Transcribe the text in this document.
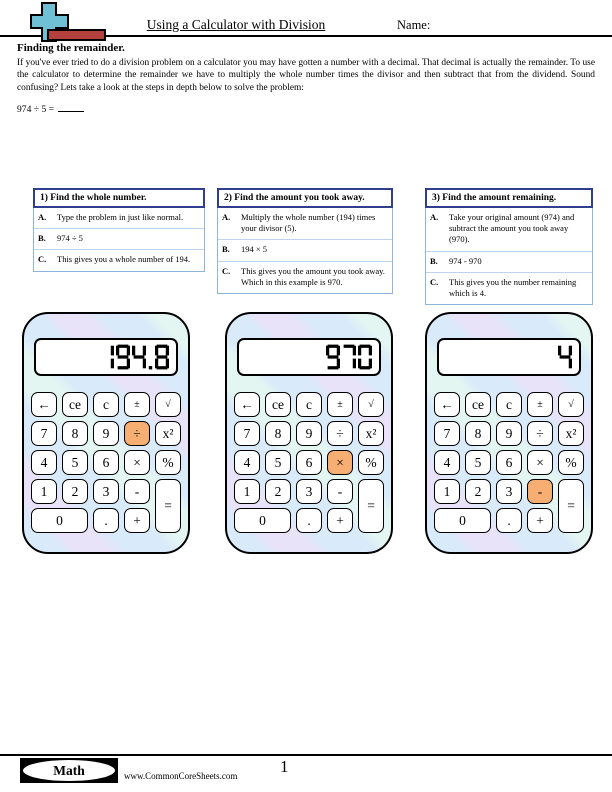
Using a Calculator with Division	Name:
Finding the remainder.
If you've ever tried to do a division problem on a calculator you may have gotten a number with a decimal. That decimal is actually the remainder. To use the calculator to determine the remainder we have to multiply the whole number times the divisor and then subtract that from the dividend. Sound confusing? Lets take a look at the steps in depth below to solve the problem:
974 ÷ 5 =
1) Find the whole number.
A.	Type the problem in just like normal.
B.	974 ÷ 5
C.	This gives you a whole number of 194.
2) Find the amount you took away.
A.	Multiply the whole number (194) times your divisor (5).
B.	194 × 5
C.	This gives you the amount you took away. Which in this example is 970.
3) Find the amount remaining.
A.	Take your original amount (974) and subtract the amount you took away (970).
B.	974 - 970
C.	This gives you the number remaining which is 4.
←	ce	c	±	√
7	8	9	÷	x²
4	5	6	×	%
1	2	3	-
=
0	.	+
←	ce	c	±	√
7	8	9	÷	x²
4	5	6	×	%
1	2	3	-
=
0	.	+
←	ce	c	±	√
7	8	9	÷	x²
4	5	6	×	%
1	2	3	-
=
0	.	+
Math	www.CommonCoreSheets.com	1
